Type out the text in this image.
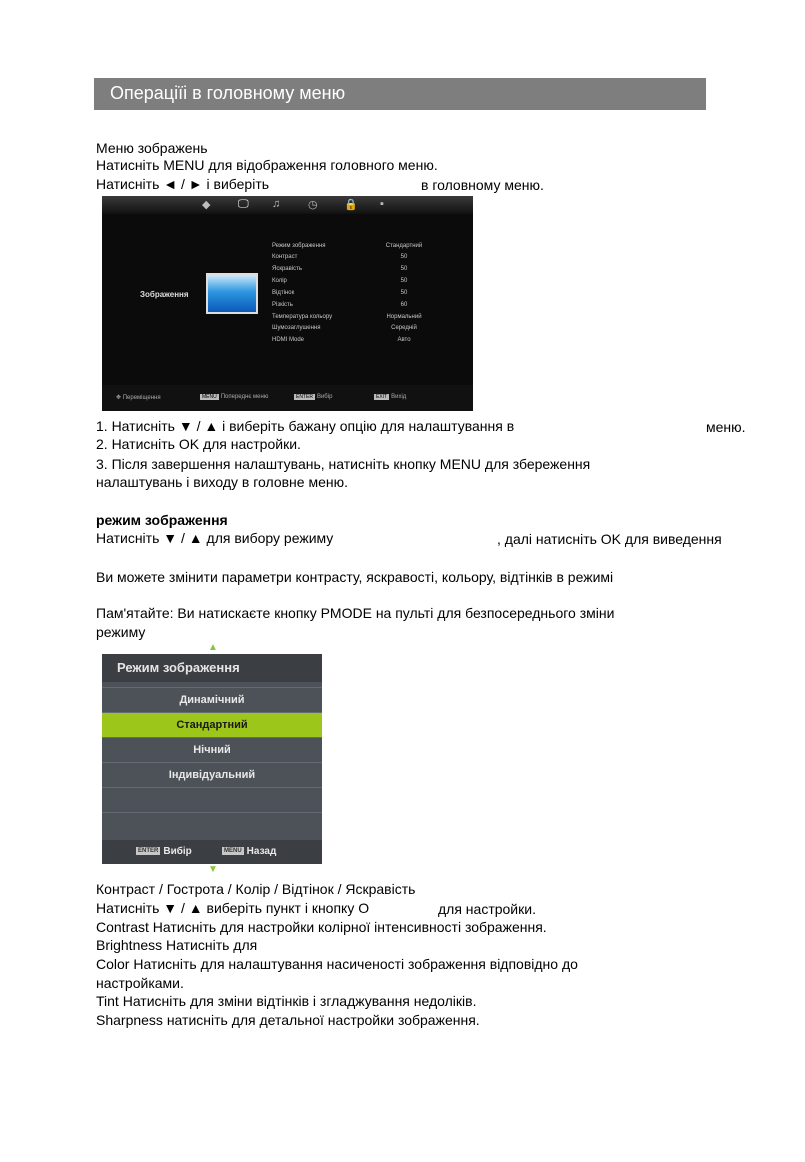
Операціїі в головному меню
Меню зображень
Натисніть MENU для відображення головного меню.
Натисніть ◄ / ► і виберіть	в головному меню.
◆	🖵 ♫	◷ 🔒 ▪
Зображення
Режим зображення	Стандартний
Контраст	50
Яскравість	50
Колір	50
Відтінок	50
Різкість	60
Температура кольору	Нормальний
Шумозаглушення	Середній
HDMI Mode	Авто
✥ Переміщення	MENU Попереднє меню	ENTER Вибір	EXIT Вихід
1. Натисніть ▼ / ▲ і виберіть бажану опцію для налаштування в	меню.
2. Натисніть OK для настройки.
3. Після завершення налаштувань, натисніть кнопку MENU для збереження
налаштувань і виходу в головне меню.
режим зображення
Натисніть ▼ / ▲ для вибору режиму	, далі натисніть OK для виведення
Ви можете змінити параметри контрасту, яскравості, кольору, відтінків в режимі
Пам'ятайте: Ви натискаєте кнопку PMODE на пульті для безпосереднього зміни
режиму
▲
Режим зображення
Динамічний
Стандартний
Нічний
Індивідуальний
ENTER Вибір	MENU Назад
▼
Контраст / Гострота / Колір / Відтінок / Яскравість
Натисніть ▼ / ▲ виберіть пункт і кнопку О	для настройки.
Contrast Натисніть для настройки колірної інтенсивності зображення.
Brightness Натисніть для
Color Натисніть для налаштування насиченості зображення відповідно до
настройками.
Tint Натисніть для зміни відтінків і згладжування недоліків.
Sharpness натисніть для детальної настройки зображення.
